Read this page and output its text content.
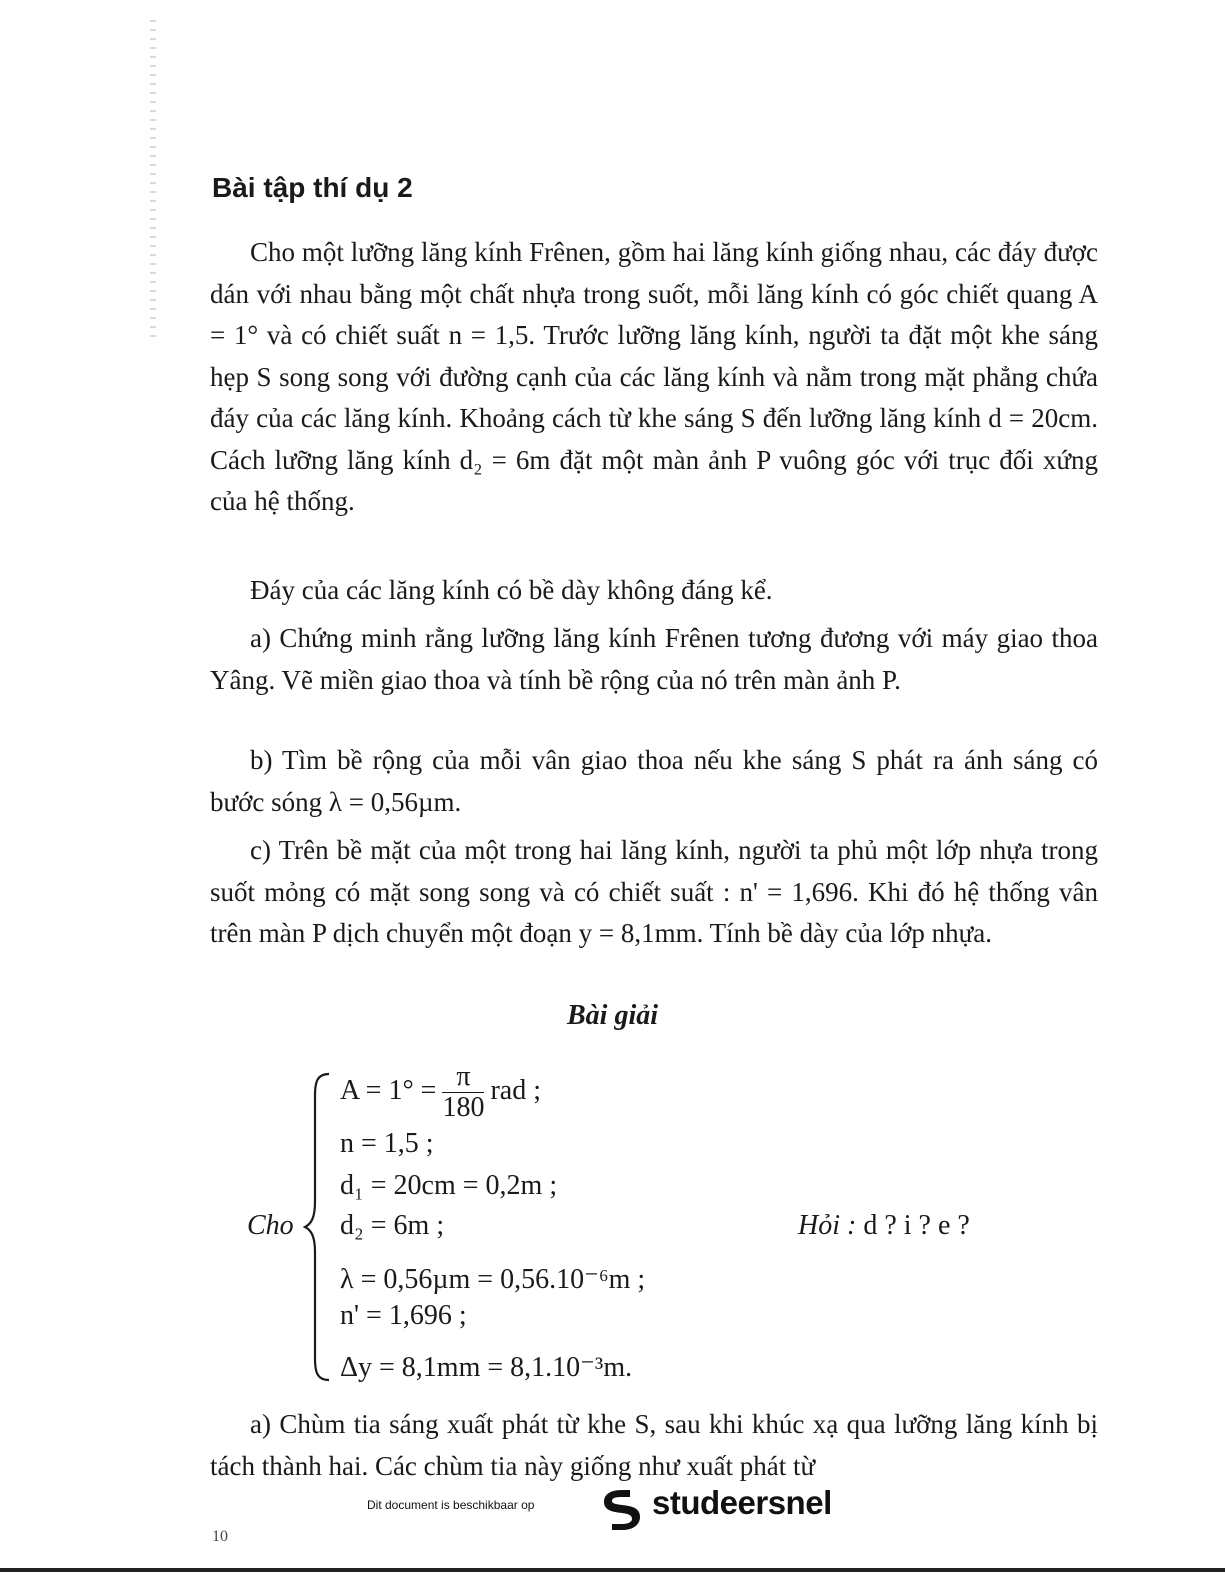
Bài tập thí dụ 2

Cho một lưỡng lăng kính Frênen, gồm hai lăng kính giống nhau, các đáy được dán với nhau bằng một chất nhựa trong suốt, mỗi lăng kính có góc chiết quang A = 1° và có chiết suất n = 1,5. Trước lưỡng lăng kính, người ta đặt một khe sáng hẹp S song song với đường cạnh của các lăng kính và nằm trong mặt phẳng chứa đáy của các lăng kính. Khoảng cách từ khe sáng S đến lưỡng lăng kính d = 20cm. Cách lưỡng lăng kính d₂ = 6m đặt một màn ảnh P vuông góc với trục đối xứng của hệ thống.

Đáy của các lăng kính có bề dày không đáng kể.

a) Chứng minh rằng lưỡng lăng kính Frênen tương đương với máy giao thoa Yâng. Vẽ miền giao thoa và tính bề rộng của nó trên màn ảnh P.

b) Tìm bề rộng của mỗi vân giao thoa nếu khe sáng S phát ra ánh sáng có bước sóng λ = 0,56µm.

c) Trên bề mặt của một trong hai lăng kính, người ta phủ một lớp nhựa trong suốt mỏng có mặt song song và có chiết suất : n' = 1,696. Khi đó hệ thống vân trên màn P dịch chuyển một đoạn y = 8,1mm. Tính bề dày của lớp nhựa.

Bài giải
Cho
$A = 1^\circ = \frac{\pi}{180}$ rad ;
n = 1,5 ;
d₁ = 20cm = 0,2m ;
d₂ = 6m ;
λ = 0,56µm = 0,56.10⁻⁶m ;
n' = 1,696 ;
Δy = 8,1mm = 8,1.10⁻³m.
Hỏi : d ? i ? e ?

a) Chùm tia sáng xuất phát từ khe S, sau khi khúc xạ qua lưỡng lăng kính bị tách thành hai. Các chùm tia này giống như xuất phát từ

Dit document is beschikbaar op	studeersnel
10
